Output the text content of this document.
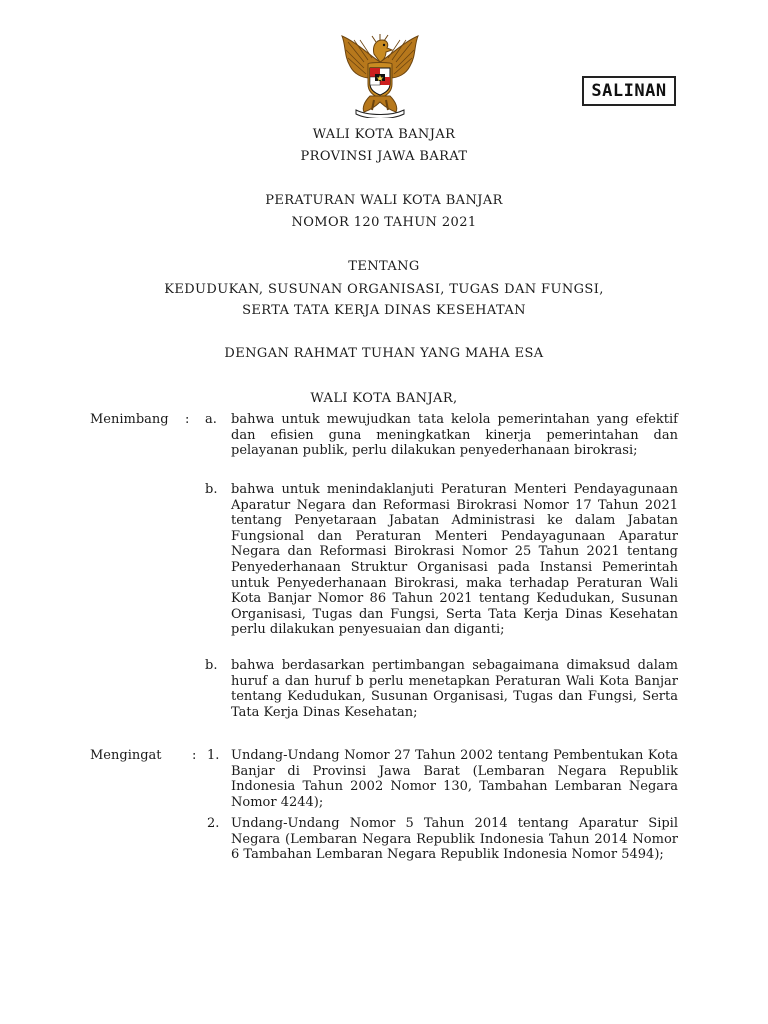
SALINAN
WALI KOTA BANJAR
PROVINSI JAWA BARAT
PERATURAN WALI KOTA BANJAR
NOMOR 120 TAHUN 2021
TENTANG
KEDUDUKAN, SUSUNAN ORGANISASI, TUGAS DAN FUNGSI,
SERTA TATA KERJA DINAS KESEHATAN
DENGAN RAHMAT TUHAN YANG MAHA ESA
WALI KOTA BANJAR,
Menimbang : a. bahwa untuk mewujudkan tata kelola pemerintahan yang efektif dan efisien guna meningkatkan kinerja pemerintahan dan pelayanan publik, perlu dilakukan penyederhanaan birokrasi;
b. bahwa untuk menindaklanjuti Peraturan Menteri Pendayagunaan Aparatur Negara dan Reformasi Birokrasi Nomor 17 Tahun 2021 tentang Penyetaraan Jabatan Administrasi ke dalam Jabatan Fungsional dan Peraturan Menteri Pendayagunaan Aparatur Negara dan Reformasi Birokrasi Nomor 25 Tahun 2021 tentang Penyederhanaan Struktur Organisasi pada Instansi Pemerintah untuk Penyederhanaan Birokrasi, maka terhadap Peraturan Wali Kota Banjar Nomor 86 Tahun 2021 tentang Kedudukan, Susunan Organisasi, Tugas dan Fungsi, Serta Tata Kerja Dinas Kesehatan perlu dilakukan penyesuaian dan diganti;
b. bahwa berdasarkan pertimbangan sebagaimana dimaksud dalam huruf a dan huruf b perlu menetapkan Peraturan Wali Kota Banjar tentang Kedudukan, Susunan Organisasi, Tugas dan Fungsi, Serta Tata Kerja Dinas Kesehatan;
Mengingat : 1. Undang-Undang Nomor 27 Tahun 2002 tentang Pembentukan Kota Banjar di Provinsi Jawa Barat (Lembaran Negara Republik Indonesia Tahun 2002 Nomor 130, Tambahan Lembaran Negara Nomor 4244);
2. Undang-Undang Nomor 5 Tahun 2014 tentang Aparatur Sipil Negara (Lembaran Negara Republik Indonesia Tahun 2014 Nomor 6 Tambahan Lembaran Negara Republik Indonesia Nomor 5494);
